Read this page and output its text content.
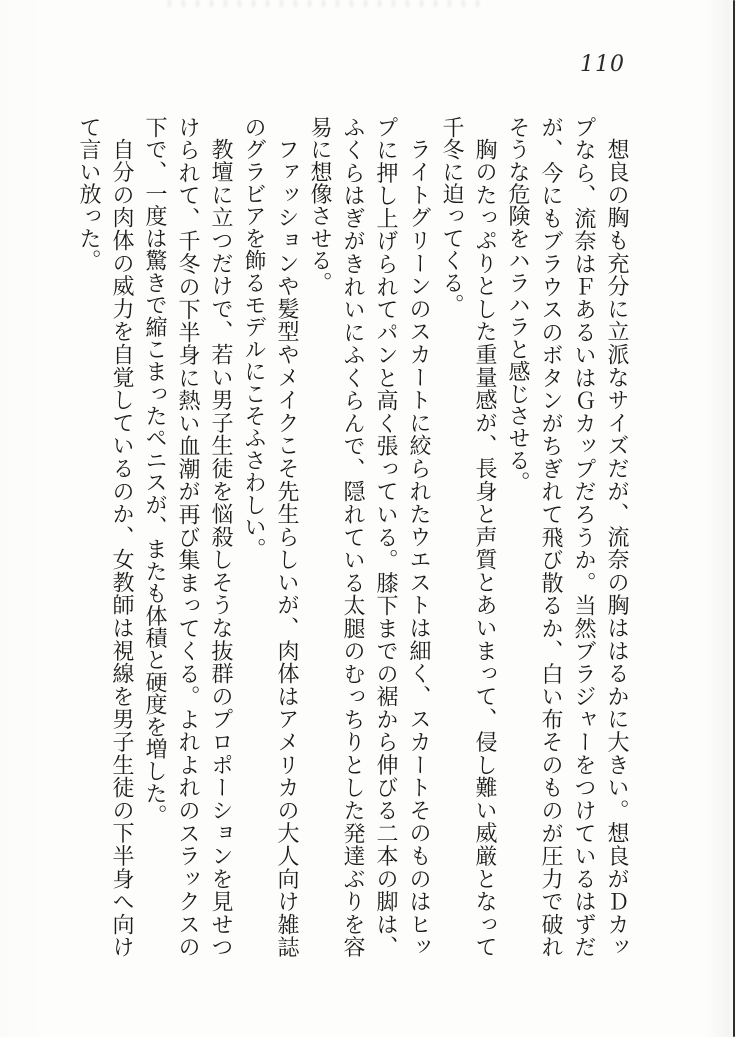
110

想良の胸も充分に立派なサイズだが、流奈の胸ははるかに大きい。想良がＤカップなら、流奈はＦあるいはＧカップだろうか。当然ブラジャーをつけているはずだが、今にもブラウスのボタンがちぎれて飛び散るか、白い布そのものが圧力で破れそうな危険をハラハラと感じさせる。

胸のたっぷりとした重量感が、長身と声質とあいまって、侵し難い威厳となって千冬に迫ってくる。

ライトグリーンのスカートに絞られたウエストは細く、スカートそのものはヒップに押し上げられてパンと高く張っている。膝下までの裾から伸びる二本の脚は、ふくらはぎがきれいにふくらんで、隠れている太腿のむっちりとした発達ぶりを容易に想像させる。

ファッションや髪型やメイクこそ先生らしいが、肉体はアメリカの大人向け雑誌のグラビアを飾るモデルにこそふさわしい。

教壇に立つだけで、若い男子生徒を悩殺しそうな抜群のプロポーションを見せつけられて、千冬の下半身に熱い血潮が再び集まってくる。よれよれのスラックスの下で、一度は驚きで縮こまったペニスが、またも体積と硬度を増した。

自分の肉体の威力を自覚しているのか、女教師は視線を男子生徒の下半身へ向けて言い放った。
